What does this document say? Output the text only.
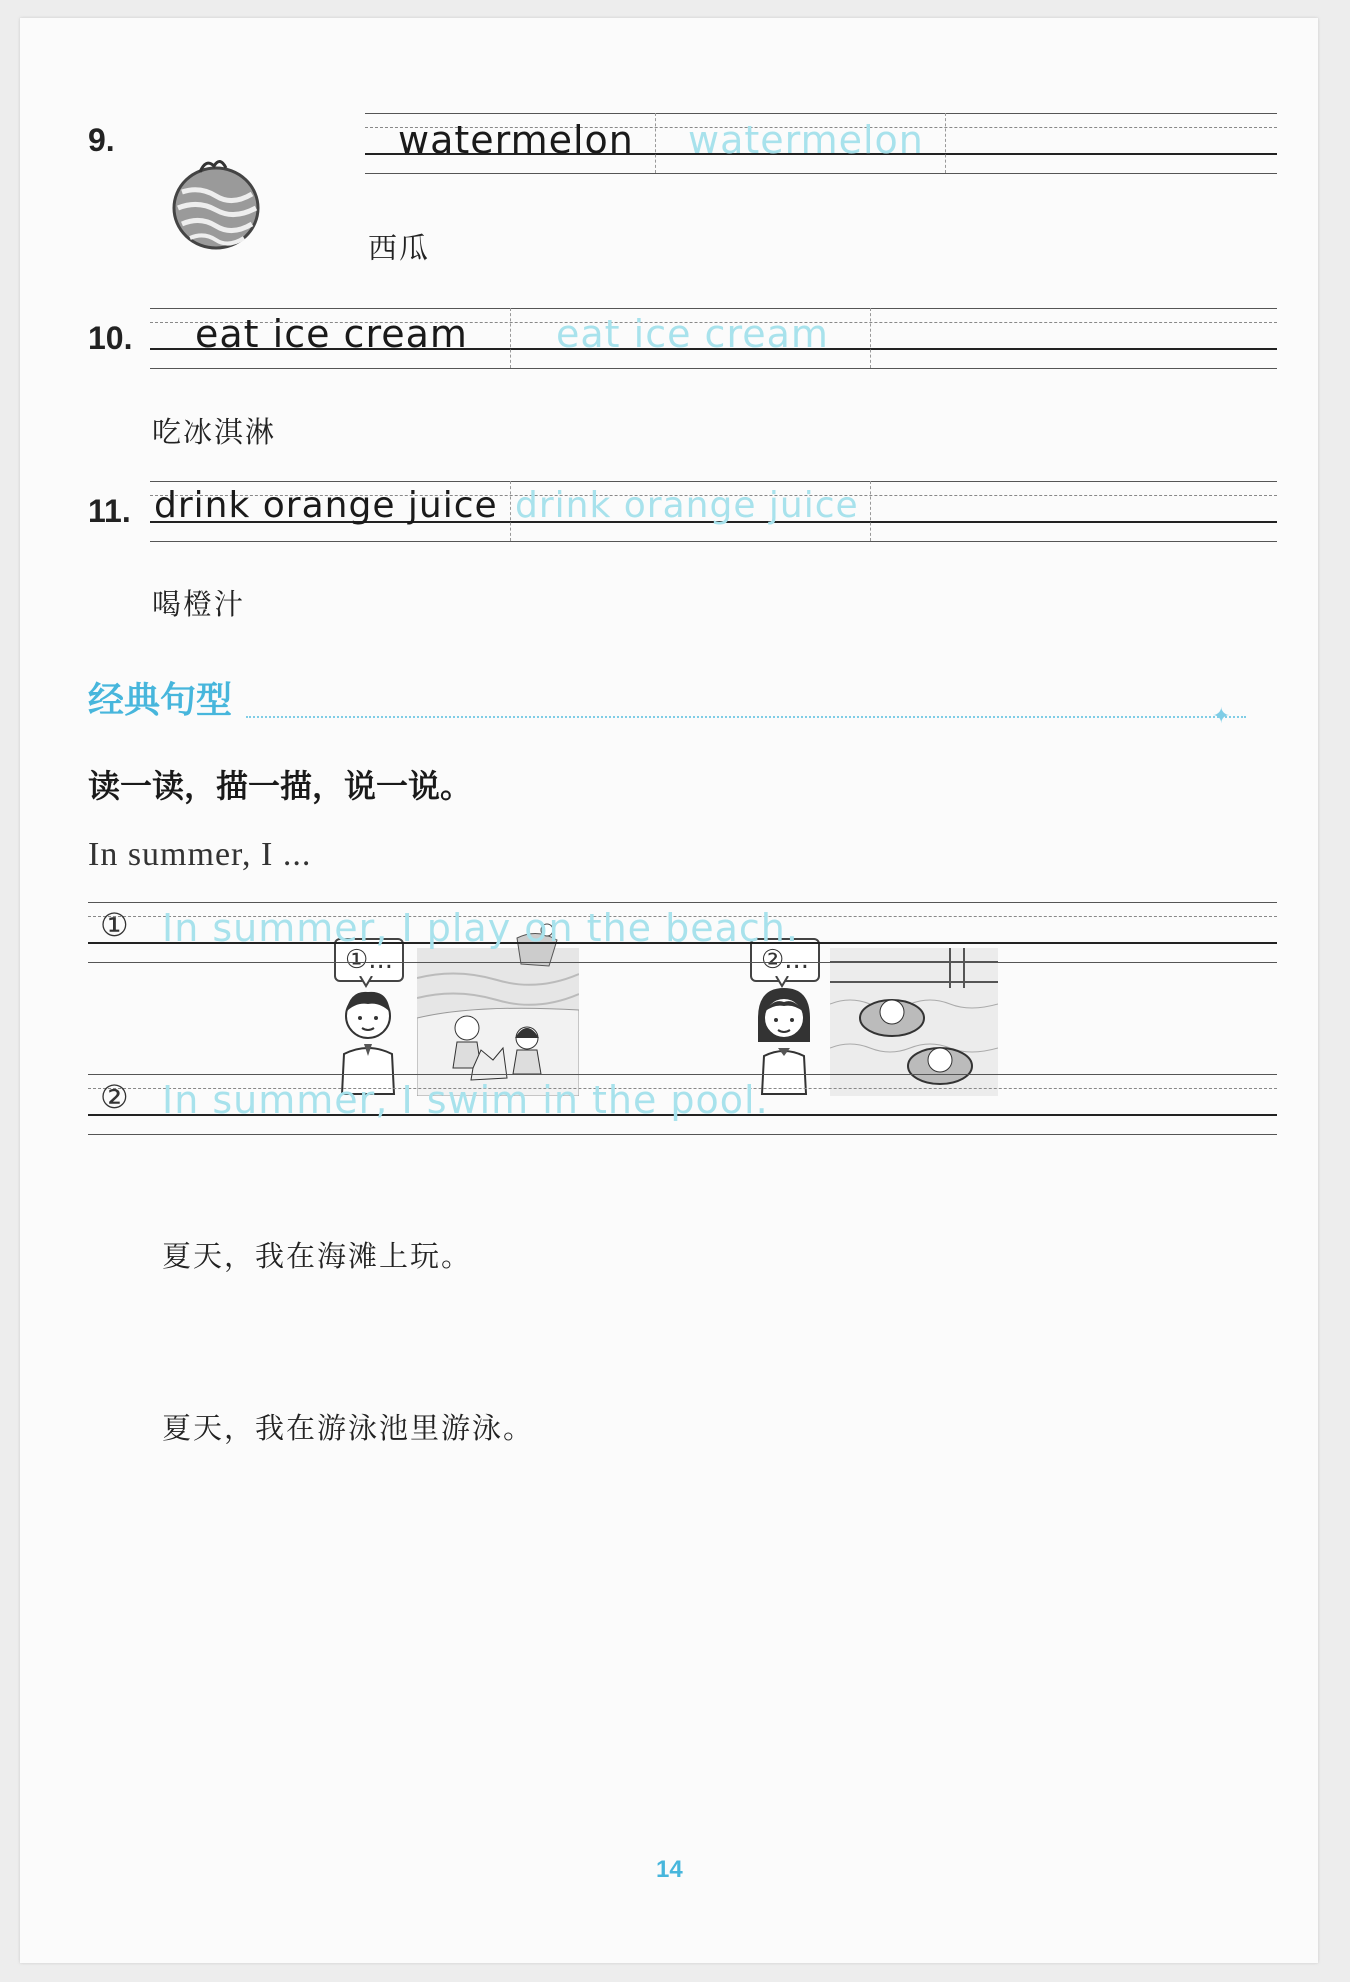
9.	watermelon watermelon
西瓜
10. eat ice cream eat ice cream
吃冰淇淋
11. drink orange juice drink orange juice
喝橙汁
经典句型	✦
读一读，描一描，说一说。
In summer, I ...
①...	②...
① In summer, I play on the beach.
夏天，我在海滩上玩。
② In summer, I swim in the pool.
夏天，我在游泳池里游泳。
14
